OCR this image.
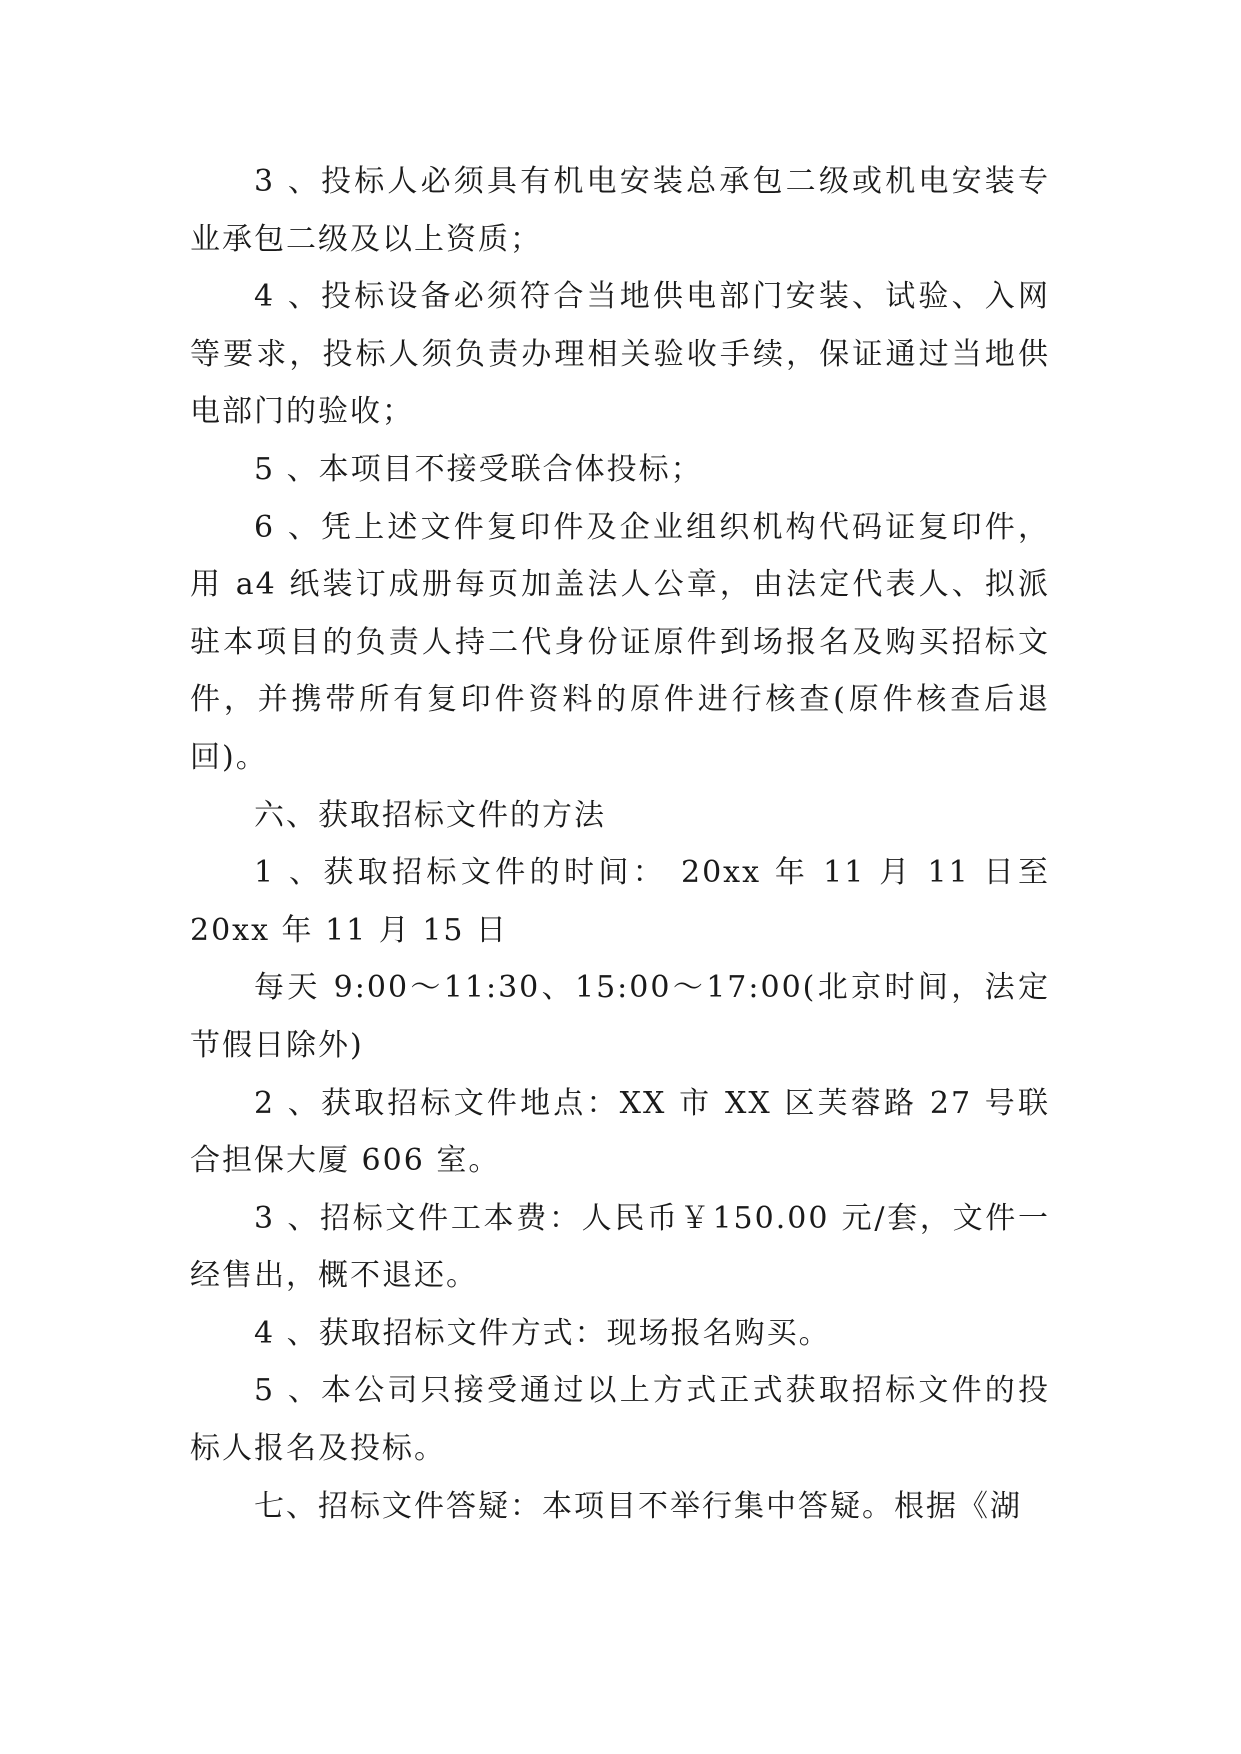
3 、投标人必须具有机电安装总承包二级或机电安装专业承包二级及以上资质；

4 、投标设备必须符合当地供电部门安装、试验、入网等要求，投标人须负责办理相关验收手续，保证通过当地供电部门的验收；

5 、本项目不接受联合体投标；

6 、凭上述文件复印件及企业组织机构代码证复印件，用 a4 纸装订成册每页加盖法人公章，由法定代表人、拟派驻本项目的负责人持二代身份证原件到场报名及购买招标文件，并携带所有复印件资料的原件进行核查(原件核查后退回)。

六、获取招标文件的方法

1 、获取招标文件的时间： 20xx 年 11 月 11 日至 20xx 年 11 月 15 日

每天 9:00～11:30、15:00～17:00(北京时间，法定节假日除外)

2 、获取招标文件地点：XX 市 XX 区芙蓉路 27 号联合担保大厦 606 室。

3 、招标文件工本费：人民币￥150.00 元/套，文件一经售出，概不退还。

4 、获取招标文件方式：现场报名购买。

5 、本公司只接受通过以上方式正式获取招标文件的投标人报名及投标。

七、招标文件答疑：本项目不举行集中答疑。根据《湖
